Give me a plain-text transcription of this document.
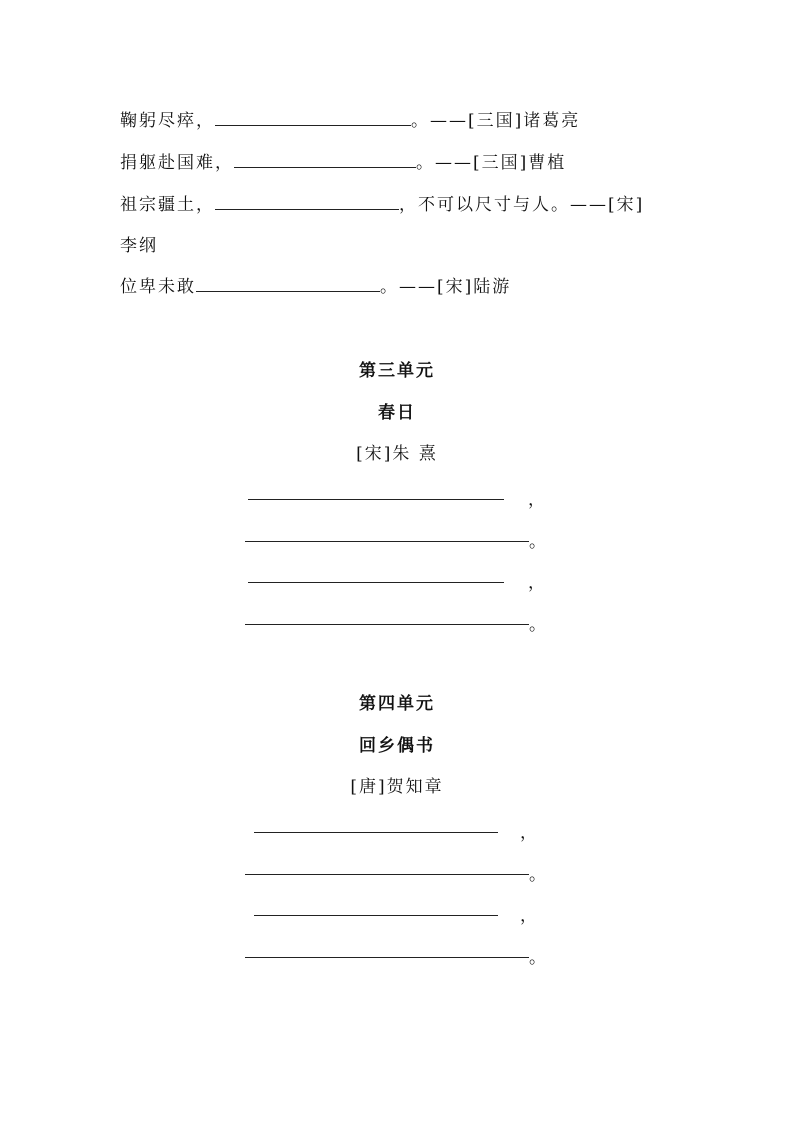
鞠躬尽瘁，	。——[三国]诸葛亮
捐躯赴国难，	。——[三国]曹植
祖宗疆土，	，不可以尺寸与人。——[宋]
李纲
位卑未敢	。——[宋]陆游
第三单元
春日
[宋]朱 熹
，
。
，
。
第四单元
回乡偶书
[唐]贺知章
，
。
，
。
